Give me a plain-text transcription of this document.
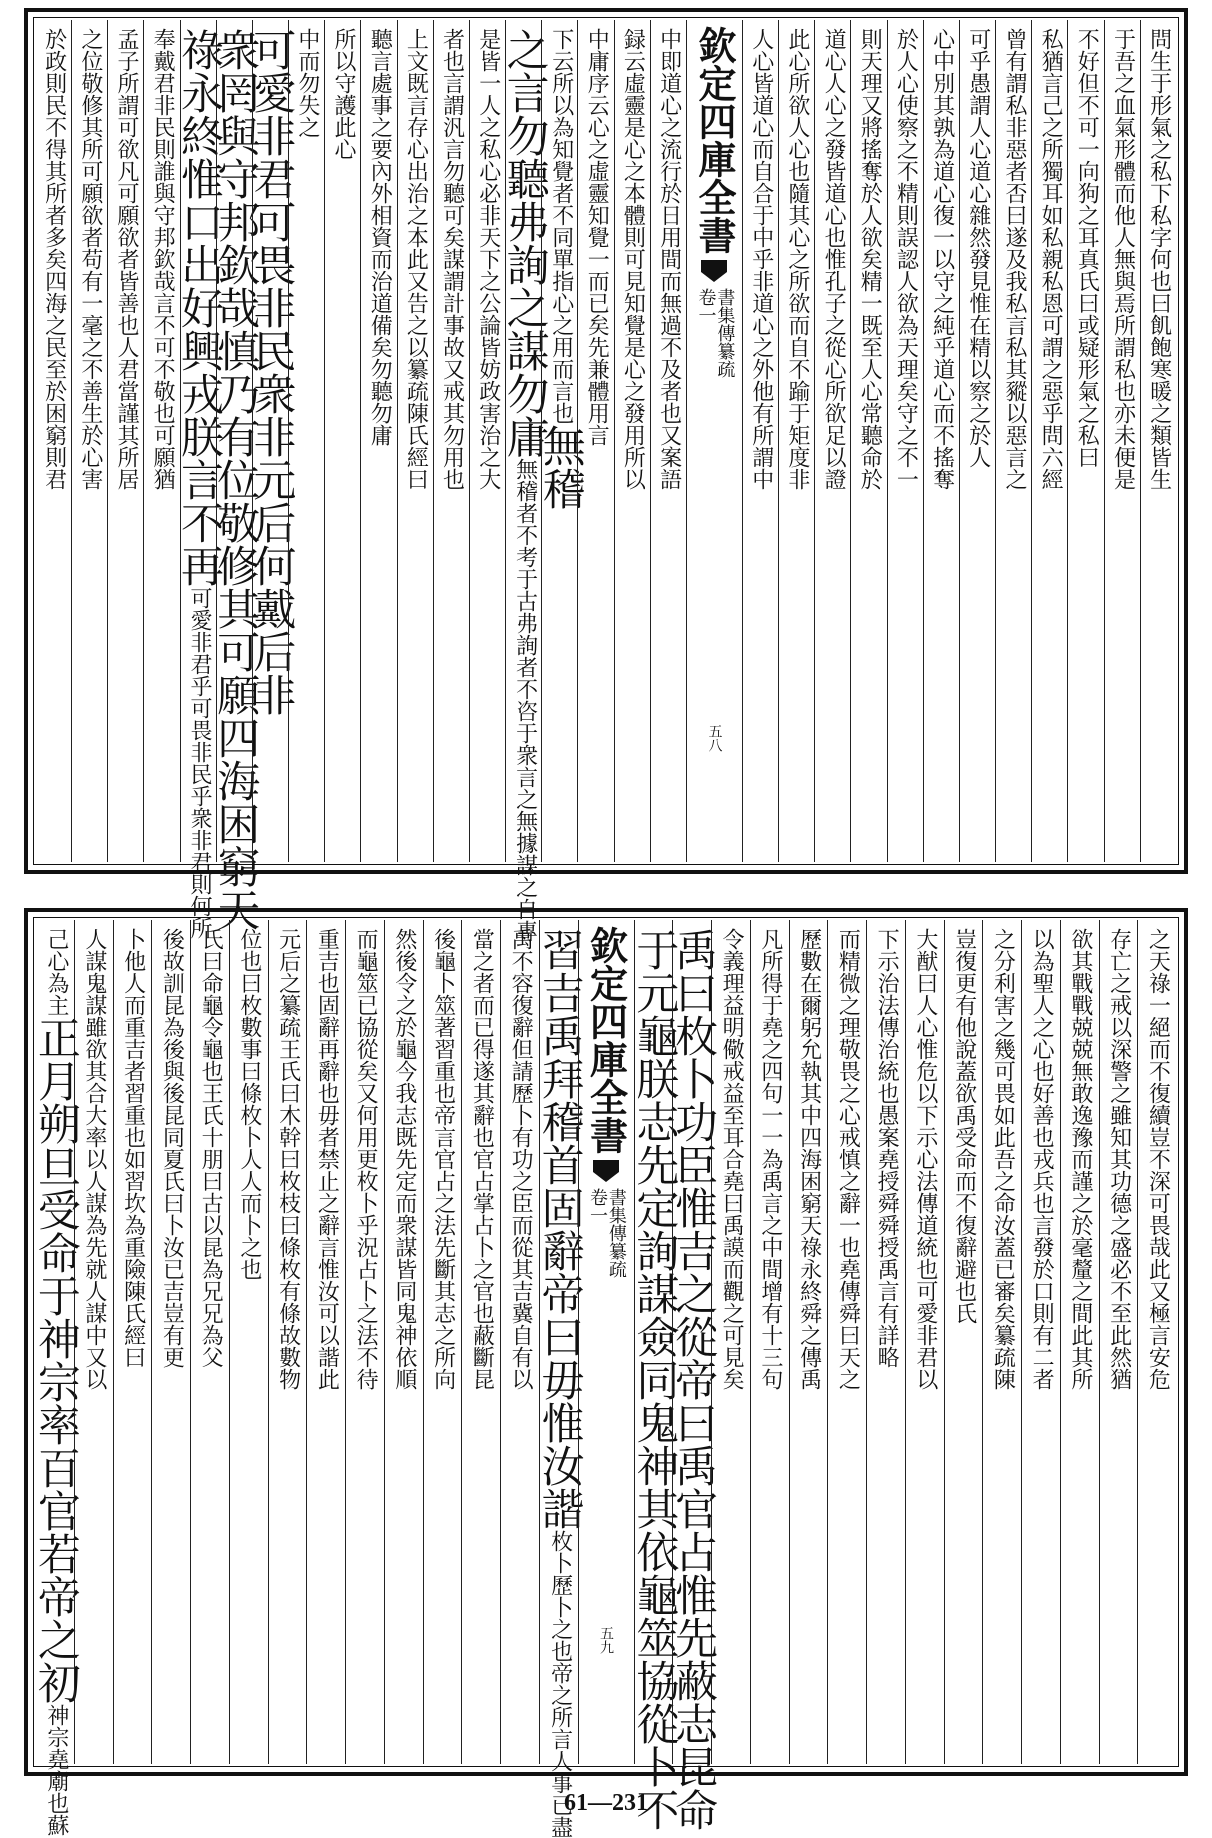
問生于形氣之私下私字何也曰飢飽寒暖之類皆生
于吾之血氣形體而他人無與焉所謂私也亦未便是
不好但不可一向狗之耳真氏曰或疑形氣之私曰
私猶言己之所獨耳如私親私恩可謂之惡乎問六經
曾有謂私非惡者否曰遂及我私言私其豵以惡言之
可乎愚謂人心道心雜然發見惟在精以察之於人
心中別其孰為道心復一以守之純乎道心而不搖奪
於人心使察之不精則誤認人欲為天理矣守之不一
則天理又將搖奪於人欲矣精一既至人心常聽命於
道心人心之發皆道心也惟孔子之從心所欲足以證
此心所欲人心也隨其心之所欲而自不踰于矩度非
人心皆道心而自合于中乎非道心之外他有所謂中
欽定四庫全書
書集傳纂疏
卷一
五八
中即道心之流行於日用間而無過不及者也又案語
録云虛靈是心之本體則可見知覺是心之發用所以
中庸序云心之虛靈知覺一而已矣先兼體用言
下云所以為知覺者不同單指心之用而言也無稽
之言勿聽弗詢之謀勿庸無稽者不考于古弗詢者不咨于衆言之無據謀之自專
是皆一人之私心必非天下之公論皆妨政害治之大
者也言謂汎言勿聽可矣謀謂計事故又戒其勿用也
上文既言存心出治之本此又告之以纂疏陳氏經曰
聽言處事之要內外相資而治道備矣勿聽勿庸
所以守護此心
中而勿失之
可愛非君可畏非民衆非元后何戴后非
衆罔與守邦欽哉慎乃有位敬修其可願四海困窮天
祿永終惟口出好興戎朕言不再可愛非君乎可畏非民乎衆非君則何所
奉戴君非民則誰與守邦欽哉言不可不敬也可願猶
孟子所謂可欲凡可願欲者皆善也人君當謹其所居
之位敬修其所可願欲者苟有一毫之不善生於心害
於政則民不得其所者多矣四海之民至於困窮則君
之天祿一絕而不復續豈不深可畏哉此又極言安危
存亡之戒以深警之雖知其功德之盛必不至此然猶
欲其戰戰兢兢無敢逸豫而謹之於毫釐之間此其所
以為聖人之心也好善也戎兵也言發於口則有二者
之分利害之幾可畏如此吾之命汝蓋已審矣纂疏陳
豈復更有他說蓋欲禹受命而不復辭避也氏
大猷曰人心惟危以下示心法傳道統也可愛非君以
下示治法傳治統也愚案堯授舜舜授禹言有詳略
而精微之理敬畏之心戒慎之辭一也堯傳舜曰天之
歷數在爾躬允執其中四海困窮天祿永終舜之傳禹
凡所得于堯之四句一一為禹言之中間增有十三句
令義理益明儆戒益至耳合堯曰禹謨而觀之可見矣
禹曰枚卜功臣惟吉之從帝曰禹官占惟先蔽志昆命
于元龜朕志先定詢謀僉同鬼神其依龜筮協從卜不
欽定四庫全書
書集傳纂疏
卷一
五九
習吉禹拜稽首固辭帝曰毋惟汝諧枚卜歷卜之也帝之所言人事已盡
禹不容復辭但請歷卜有功之臣而從其吉冀自有以
當之者而已得遂其辭也官占掌占卜之官也蔽斷昆
後龜卜筮著習重也帝言官占之法先斷其志之所向
然後令之於龜今我志既先定而衆謀皆同鬼神依順
而龜筮已協從矣又何用更枚卜乎況占卜之法不待
重吉也固辭再辭也毋者禁止之辭言惟汝可以諧此
元后之纂疏王氏曰木幹曰枚枝曰條枚有條故數物
位也曰枚數事曰條枚卜人人而卜之也
氏曰命龜令龜也王氏十朋曰古以昆為兄兄為父
後故訓昆為後與後昆同夏氏曰卜汝已吉豈有更
卜他人而重吉者習重也如習坎為重險陳氏經曰
人謀鬼謀雖欲其合大率以人謀為先就人謀中又以
己心為主正月朔旦受命于神宗率百官若帝之初神宗堯廟也蘇	61—231
